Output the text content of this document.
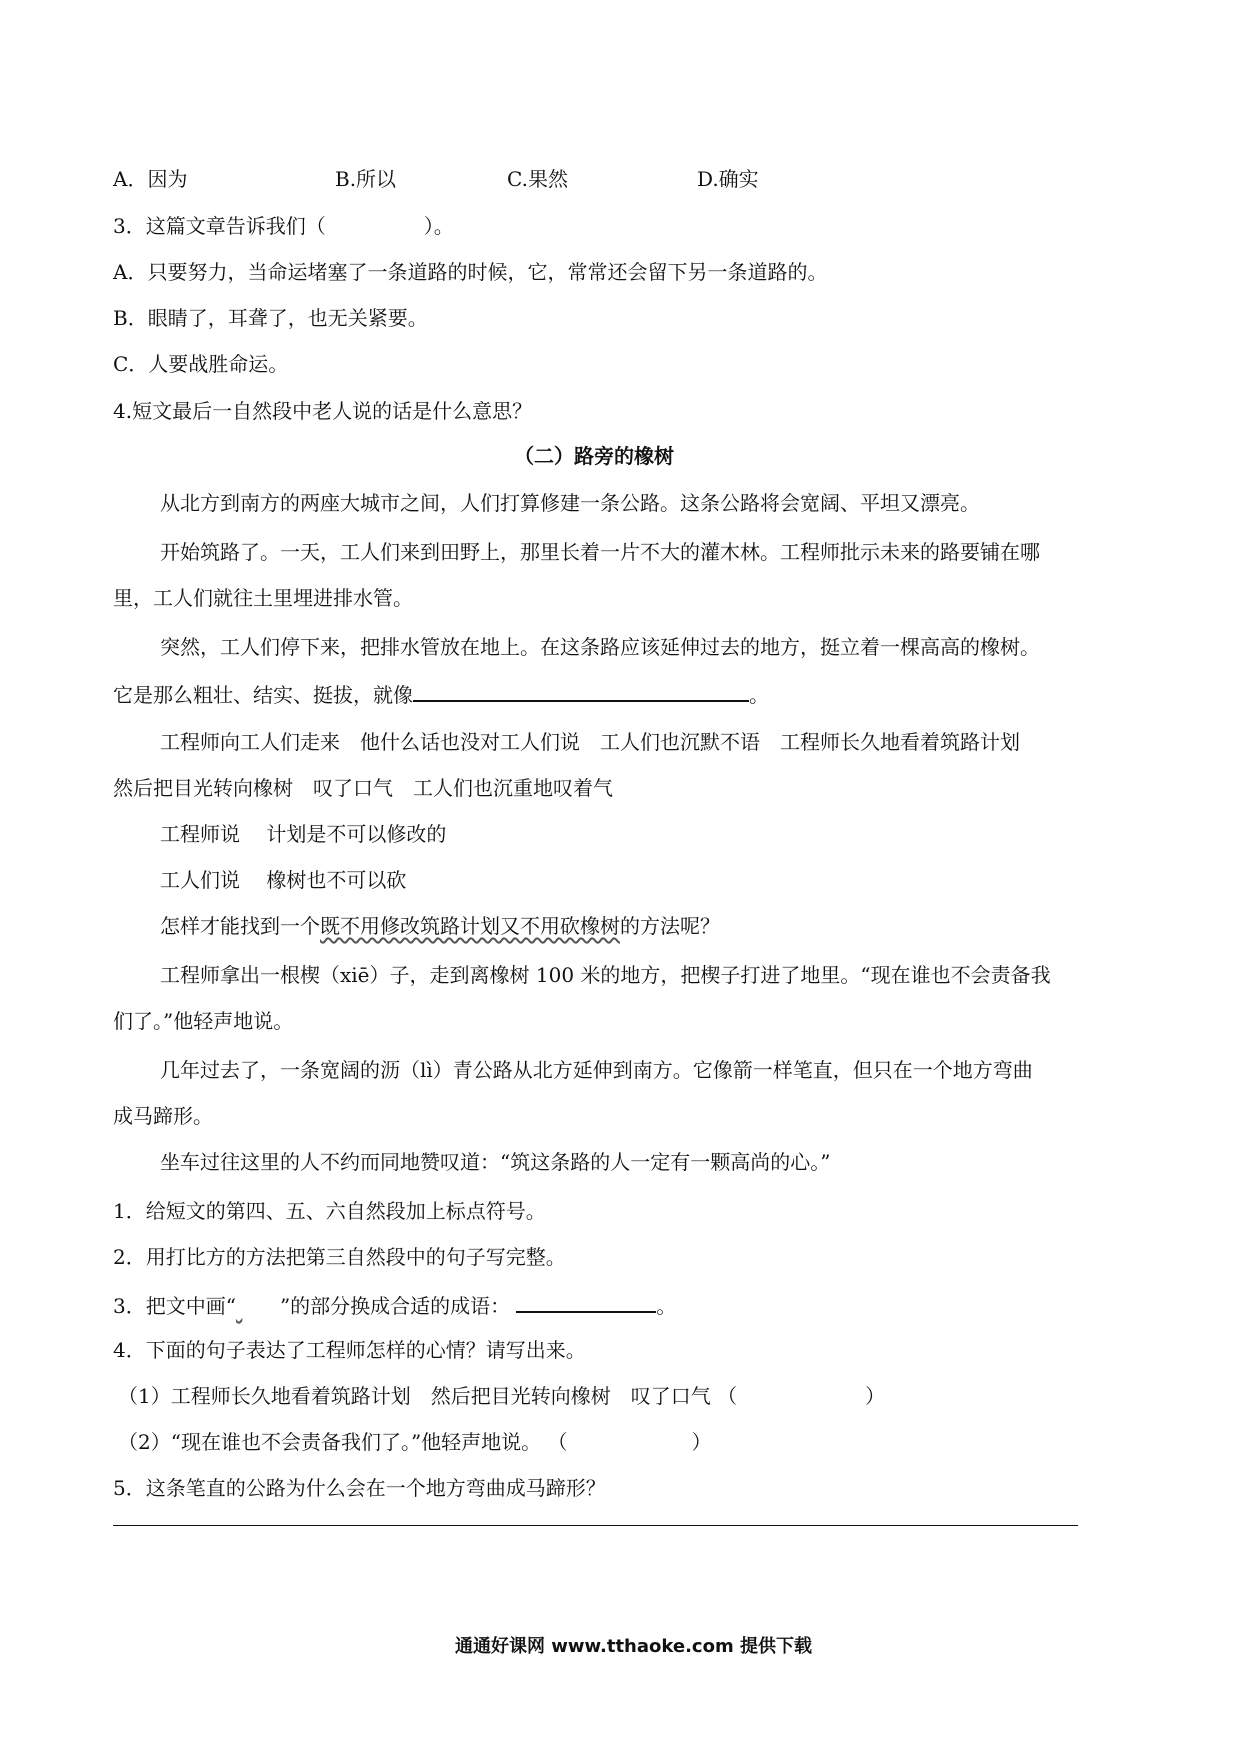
A．因为	B.所以	C.果然	D.确实
3．这篇文章告诉我们（	）。
A．只要努力，当命运堵塞了一条道路的时候，它，常常还会留下另一条道路的。
B．眼睛了，耳聋了，也无关紧要。
C．人要战胜命运。
4.短文最后一自然段中老人说的话是什么意思？
（二）路旁的橡树
从北方到南方的两座大城市之间，人们打算修建一条公路。这条公路将会宽阔、平坦又漂亮。
开始筑路了。一天，工人们来到田野上，那里长着一片不大的灌木林。工程师批示未来的路要铺在哪
里，工人们就往土里埋进排水管。
突然，工人们停下来，把排水管放在地上。在这条路应该延伸过去的地方，挺立着一棵高高的橡树。
它是那么粗壮、结实、挺拔，就像	。
工程师向工人们走来　他什么话也没对工人们说　工人们也沉默不语　工程师长久地看着筑路计划
然后把目光转向橡树　叹了口气　工人们也沉重地叹着气
工程师说　 计划是不可以修改的
工人们说　 橡树也不可以砍
怎样才能找到一个既不用修改筑路计划又不用砍橡树的方法呢？
工程师拿出一根楔（xiē）子，走到离橡树 100 米的地方，把楔子打进了地里。“现在谁也不会责备我
们了。”他轻声地说。
几年过去了，一条宽阔的沥（lì）青公路从北方延伸到南方。它像箭一样笔直，但只在一个地方弯曲
成马蹄形。
坐车过往这里的人不约而同地赞叹道：“筑这条路的人一定有一颗高尚的心。”
1．给短文的第四、五、六自然段加上标点符号。
2．用打比方的方法把第三自然段中的句子写完整。
3．把文中画“ ”的部分换成合适的成语：	。
4．下面的句子表达了工程师怎样的心情？请写出来。
（1）工程师长久地看着筑路计划　然后把目光转向橡树　叹了口气 （	）
（2）“现在谁也不会责备我们了。”他轻声地说。 （	）
5．这条笔直的公路为什么会在一个地方弯曲成马蹄形？
通通好课网 www.tthaoke.com 提供下载
